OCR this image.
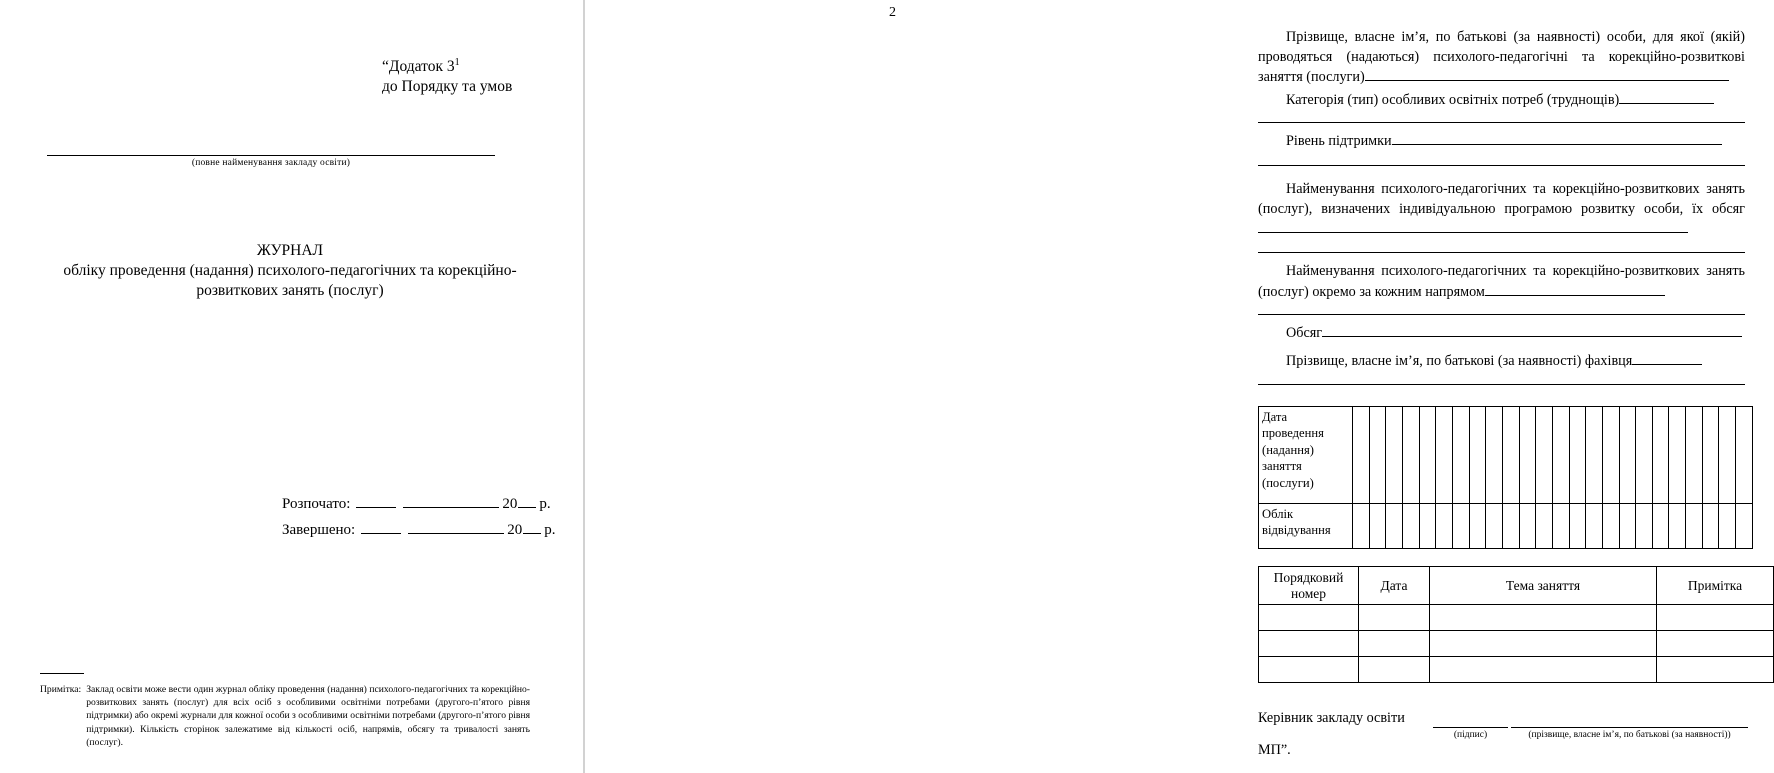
“Додаток 3$^1$
до Порядку та умов
(повне найменування закладу освіти)
ЖУРНАЛ
обліку проведення (надання) психолого-педагогічних та корекційно-розвиткових занять (послуг)
Розпочато:	20 р.
Завершено:	20 р.
Примітка: Заклад освіти може вести один журнал обліку проведення (надання) психолого-педагогічних та корекційно-розвиткових занять (послуг) для всіх осіб з особливими освітніми потребами (другого-п’ятого рівня підтримки) або окремі журнали для кожної особи з особливими освітніми потребами (другого-п’ятого рівня підтримки). Кількість сторінок залежатиме від кількості осіб, напрямів, обсягу та тривалості занять (послуг).
2
Прізвище, власне ім’я, по батькові (за наявності) особи, для якої (якій) проводяться (надаються) психолого-педагогічні та корекційно-розвиткові заняття (послуги)
Категорія (тип) особливих освітніх потреб (труднощів)
Рівень підтримки
Найменування психолого-педагогічних та корекційно-розвиткових занять (послуг), визначених індивідуальною програмою розвитку особи, їх обсяг
Найменування психолого-педагогічних та корекційно-розвиткових занять (послуг) окремо за кожним напрямом
Обсяг
Прізвище, власне ім’я, по батькові (за наявності) фахівця
Дата проведення (надання) заняття (послуги)																								
Облік відвідування																								
Порядковий номер	Дата	Тема заняття	Примітка

Керівник закладу освіти
(підпис)	(прізвище, власне ім’я, по батькові (за наявності))
МП”.
